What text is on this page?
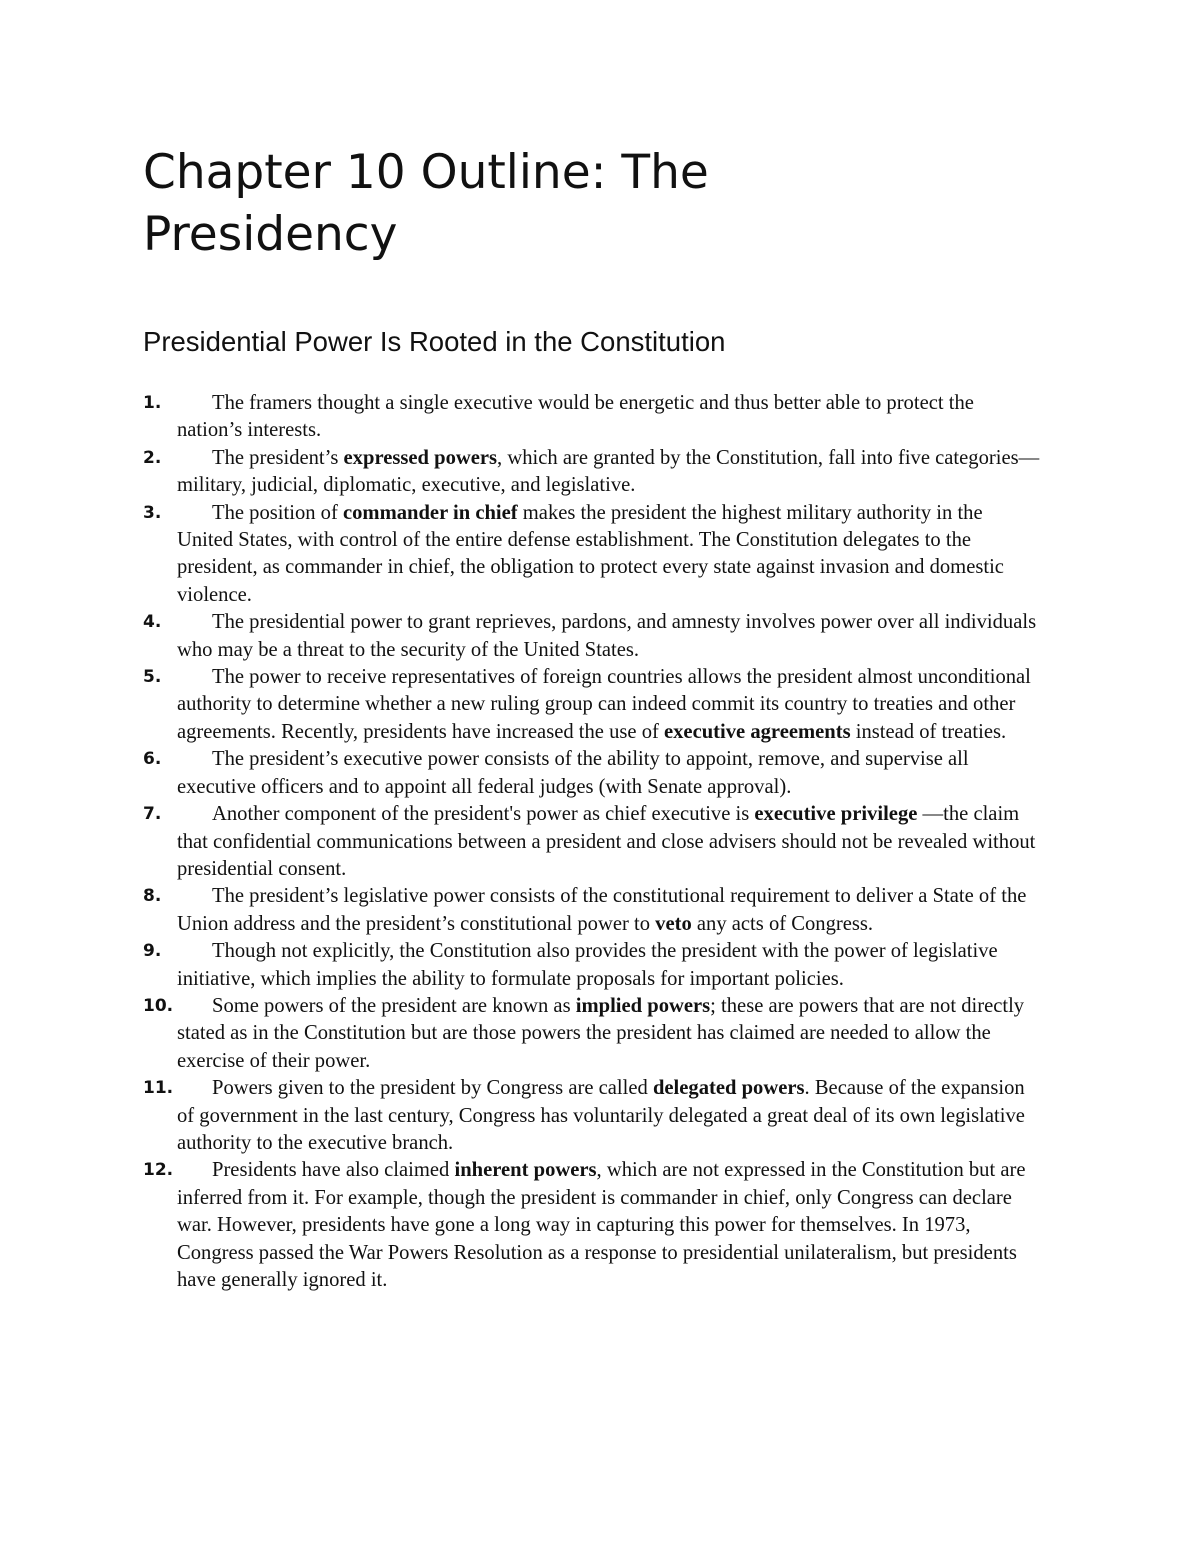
Chapter 10 Outline: The
Presidency
Presidential Power Is Rooted in the Constitution
1.	The framers thought a single executive would be energetic and thus better able to protect the nation’s interests.
2.	The president’s expressed powers, which are granted by the Constitution, fall into five categories—military, judicial, diplomatic, executive, and legislative.
3.	The position of commander in chief makes the president the highest military authority in the United States, with control of the entire defense establishment. The Constitution delegates to the president, as commander in chief, the obligation to protect every state against invasion and domestic violence.
4.	The presidential power to grant reprieves, pardons, and amnesty involves power over all individuals who may be a threat to the security of the United States.
5.	The power to receive representatives of foreign countries allows the president almost unconditional authority to determine whether a new ruling group can indeed commit its country to treaties and other agreements. Recently, presidents have increased the use of executive agreements instead of treaties.
6.	The president’s executive power consists of the ability to appoint, remove, and supervise all executive officers and to appoint all federal judges (with Senate approval).
7.	Another component of the president's power as chief executive is executive privilege —the claim that confidential communications between a president and close advisers should not be revealed without presidential consent.
8.	The president’s legislative power consists of the constitutional requirement to deliver a State of the Union address and the president’s constitutional power to veto any acts of Congress.
9.	Though not explicitly, the Constitution also provides the president with the power of legislative initiative, which implies the ability to formulate proposals for important policies.
10.	Some powers of the president are known as implied powers; these are powers that are not directly stated as in the Constitution but are those powers the president has claimed are needed to allow the exercise of their power.
11.	Powers given to the president by Congress are called delegated powers. Because of the expansion of government in the last century, Congress has voluntarily delegated a great deal of its own legislative authority to the executive branch.
12.	Presidents have also claimed inherent powers, which are not expressed in the Constitution but are inferred from it. For example, though the president is commander in chief, only Congress can declare war. However, presidents have gone a long way in capturing this power for themselves. In 1973, Congress passed the War Powers Resolution as a response to presidential unilateralism, but presidents have generally ignored it.
